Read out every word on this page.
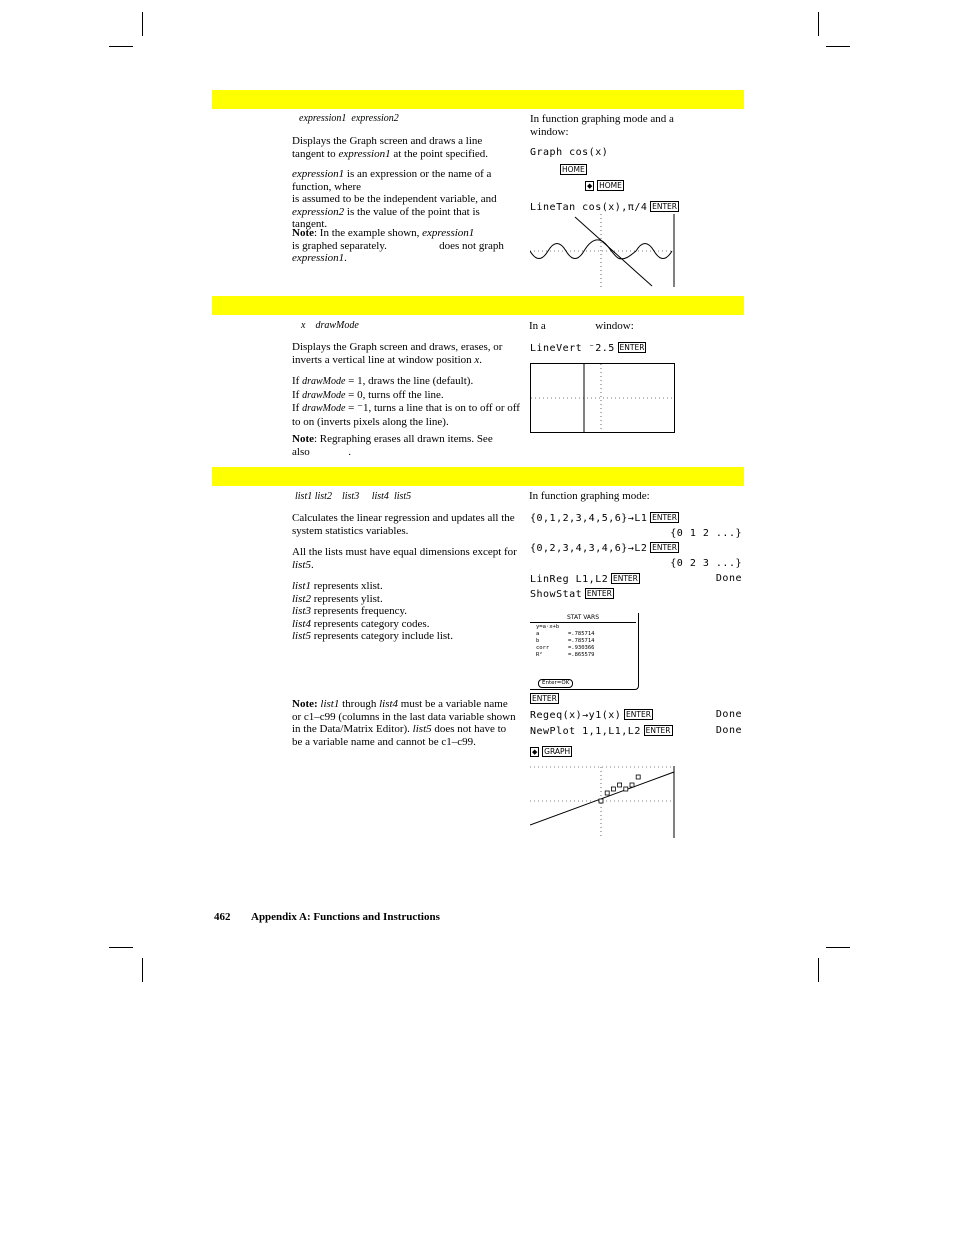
expression1 expression2
Displays the Graph screen and draws a line tangent to expression1 at the point specified.
expression1 is an expression or the name of a function, where
is assumed to be the independent variable, and expression2 is the value of the point that is tangent.
Note: In the example shown, expression1
is graphed separately.	does not graph
expression1.
In function graphing mode and a
window:
Graph cos(x)
HOME
◆ HOME
LineTan cos(x),π/4 ENTER
x drawMode
Displays the Graph screen and draws, erases, or inverts a vertical line at window position x.
If drawMode = 1, draws the line (default).
If drawMode = 0, turns off the line.
If drawMode = ⁻1, turns a line that is on to off or off to on (inverts pixels along the line).
Note: Regraphing erases all drawn items. See
also	.
In a	window:
LineVert ⁻2.5 ENTER
list1 list2 list3 list4 list5
Calculates the linear regression and updates all the system statistics variables.
All the lists must have equal dimensions except for list5.
list1 represents xlist.
list2 represents ylist.
list3 represents frequency.
list4 represents category codes.
list5 represents category include list.
Note: list1 through list4 must be a variable name or c1–c99 (columns in the last data variable shown in the Data/Matrix Editor). list5 does not have to be a variable name and cannot be c1–c99.
In function graphing mode:
{0,1,2,3,4,5,6}→L1 ENTER
{0 1 2 ...}
{0,2,3,4,3,4,6}→L2 ENTER
{0 2 3 ...}
LinReg L1,L2 ENTER	Done
ShowStat ENTER
STAT VARS
y=a·x+b
a	=.785714
b	=.785714
corr	=.930366
R²	=.865579
Enter=OK
ENTER
Regeq(x)→y1(x) ENTER	Done
NewPlot 1,1,L1,L2 ENTER	Done
◆ GRAPH
462 Appendix A: Functions and Instructions
